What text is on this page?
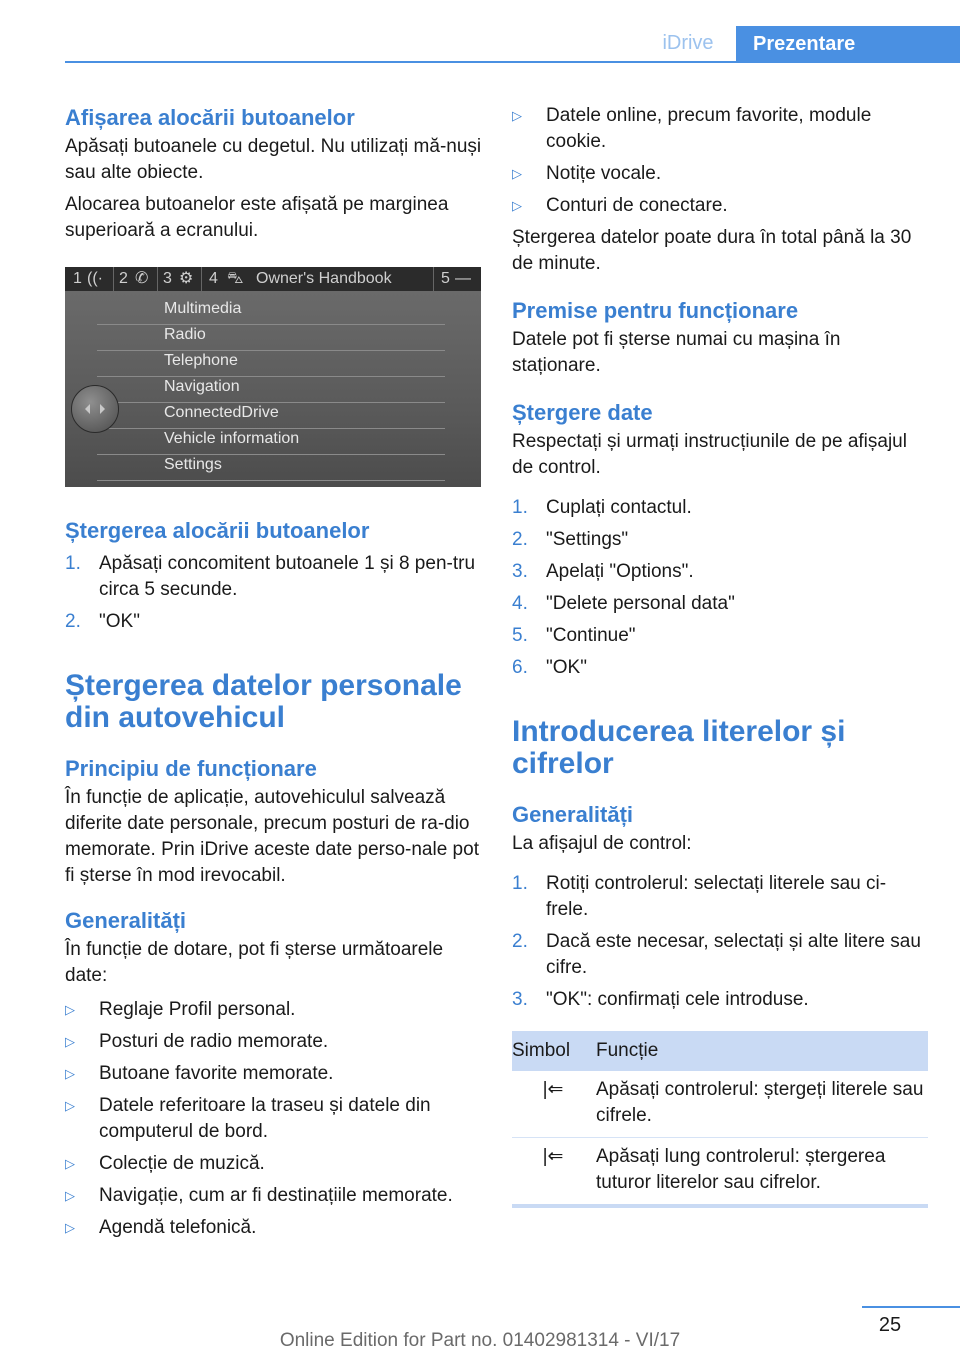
iDrive	Prezentare
Afișarea alocării butoanelor

Apăsați butoanele cu degetul. Nu utilizați mă‐nuși sau alte obiecte.

Alocarea butoanelor este afișată pe marginea superioară a ecranului.

1 ((· 2 ✆ 3 ⚙ 4 ⛍ Owner's Handbook	5 —
Multimedia
Radio
Telephone
Navigation
ConnectedDrive
Vehicle information
Settings
Ștergerea alocării butoanelor
1. Apăsați concomitent butoanele 1 și 8 pen‐tru circa 5 secunde.
2. "OK"
Ștergerea datelor personale din autovehicul
Principiu de funcționare

În funcție de aplicație, autovehiculul salvează diferite date personale, precum posturi de ra‐dio memorate. Prin iDrive aceste date perso‐nale pot fi șterse în mod irevocabil.

Generalități

În funcție de dotare, pot fi șterse următoarele date:

▷ Reglaje Profil personal.
▷ Posturi de radio memorate.
▷ Butoane favorite memorate.
▷ Datele referitoare la traseu și datele din computerul de bord.
▷ Colecție de muzică.
▷ Navigație, cum ar fi destinațiile memorate.
▷ Agendă telefonică.
▷ Datele online, precum favorite, module cookie.
▷ Notițe vocale.
▷ Conturi de conectare.

Ștergerea datelor poate dura în total până la 30 de minute.

Premise pentru funcționare

Datele pot fi șterse numai cu mașina în staționare.

Ștergere date

Respectați și urmați instrucțiunile de pe afișajul de control.

1. Cuplați contactul.
2. "Settings"
3. Apelați "Options".
4. "Delete personal data"
5. "Continue"
6. "OK"
Introducerea literelor și cifrelor
Generalități

La afișajul de control:

1. Rotiți controlerul: selectați literele sau ci‐frele.
2. Dacă este necesar, selectați și alte litere sau cifre.
3. "OK": confirmați cele introduse.
Simbol	Funcție
|⇐	Apăsați controlerul: ștergeți literele sau cifrele.
|⇐	Apăsați lung controlerul: ștergerea tuturor literelor sau cifrelor.
25
Online Edition for Part no. 01402981314 - VI/17
